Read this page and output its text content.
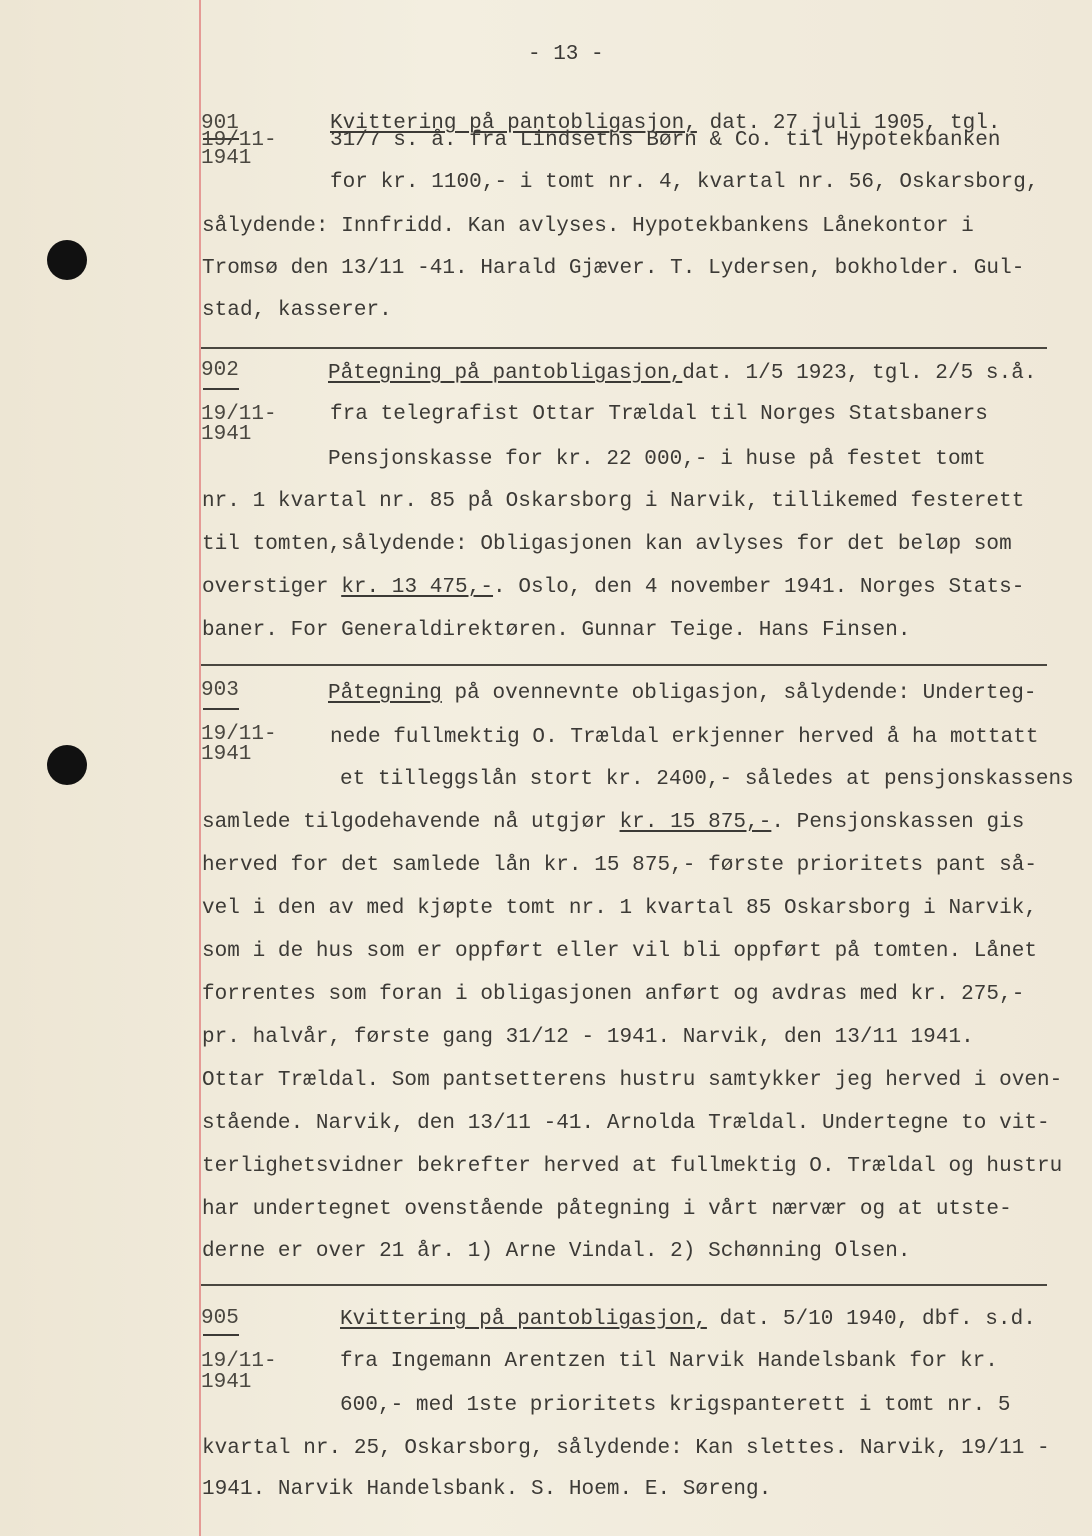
- 13 -
901
19/11-
1941
Kvittering på pantobligasjon, dat. 27 juli 1905, tgl.
31/7 s. å. fra Lindseths Børn & Co. til Hypotekbanken
for kr. 1100,- i tomt nr. 4, kvartal nr. 56, Oskarsborg,
sålydende: Innfridd. Kan avlyses. Hypotekbankens Lånekontor i
Tromsø den 13/11 -41. Harald Gjæver. T. Lydersen, bokholder. Gul-
stad, kasserer.
902
19/11-
1941
Påtegning på pantobligasjon,dat. 1/5 1923, tgl. 2/5 s.å.
fra telegrafist Ottar Trældal til Norges Statsbaners
Pensjonskasse for kr. 22 000,- i huse på festet tomt
nr. 1 kvartal nr. 85 på Oskarsborg i Narvik, tillikemed festerett
til tomten,sålydende: Obligasjonen kan avlyses for det beløp som
overstiger kr. 13 475,-. Oslo, den 4 november 1941. Norges Stats-
baner. For Generaldirektøren. Gunnar Teige. Hans Finsen.
903
19/11-
1941
Påtegning på ovennevnte obligasjon, sålydende: Underteg-
nede fullmektig O. Trældal erkjenner herved å ha mottatt
et tilleggslån stort kr. 2400,- således at pensjonskassens
samlede tilgodehavende nå utgjør kr. 15 875,-. Pensjonskassen gis
herved for det samlede lån kr. 15 875,- første prioritets pant så-
vel i den av med kjøpte tomt nr. 1 kvartal 85 Oskarsborg i Narvik,
som i de hus som er oppført eller vil bli oppført på tomten. Lånet
forrentes som foran i obligasjonen anført og avdras med kr. 275,-
pr. halvår, første gang 31/12 - 1941. Narvik, den 13/11 1941.
Ottar Trældal. Som pantsetterens hustru samtykker jeg herved i oven-
stående. Narvik, den 13/11 -41. Arnolda Trældal. Undertegne to vit-
terlighetsvidner bekrefter herved at fullmektig O. Trældal og hustru
har undertegnet ovenstående påtegning i vårt nærvær og at utste-
derne er over 21 år. 1) Arne Vindal. 2) Schønning Olsen.
905
19/11-
1941
Kvittering på pantobligasjon, dat. 5/10 1940, dbf. s.d.
fra Ingemann Arentzen til Narvik Handelsbank for kr.
600,- med 1ste prioritets krigspanterett i tomt nr. 5
kvartal nr. 25, Oskarsborg, sålydende: Kan slettes. Narvik, 19/11 -
1941. Narvik Handelsbank. S. Hoem. E. Søreng.
